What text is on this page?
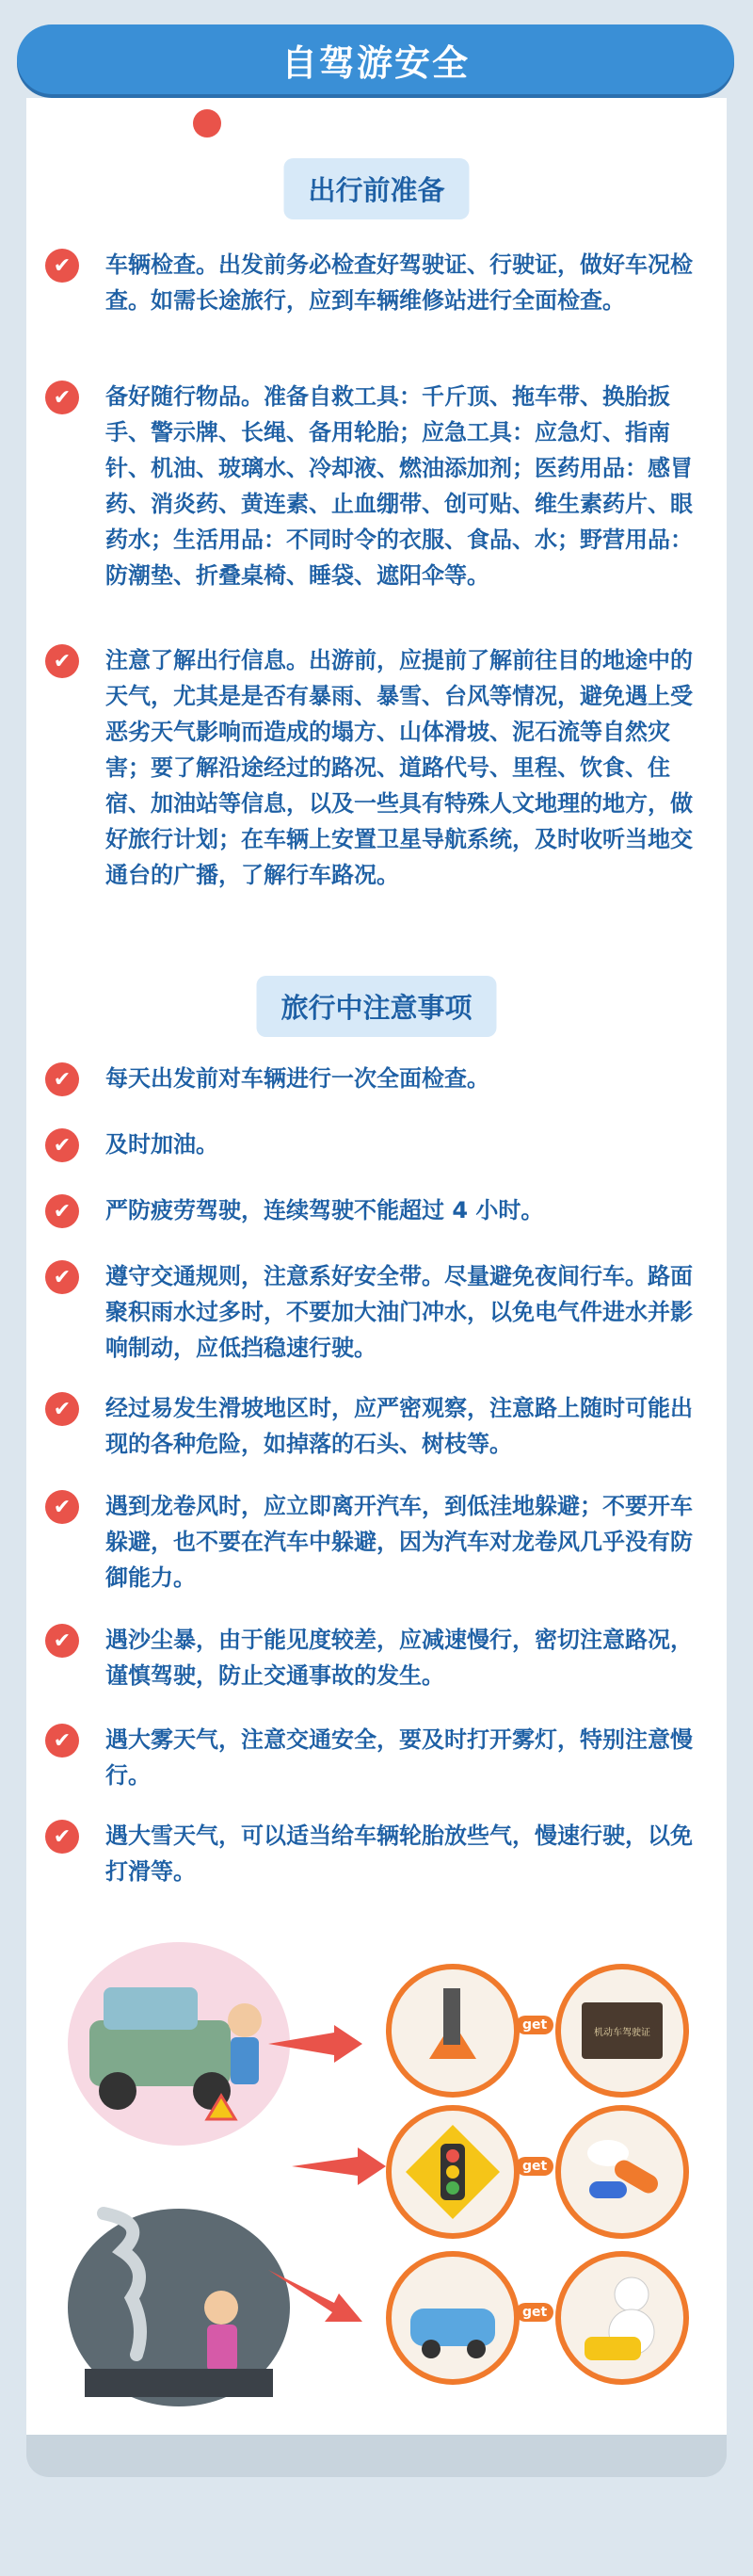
自驾游安全
出行前准备
✔	车辆检查。出发前务必检查好驾驶证、行驶证，做好车况检查。如需长途旅行，应到车辆维修站进行全面检查。
✔	备好随行物品。准备自救工具：千斤顶、拖车带、换胎扳手、警示牌、长绳、备用轮胎；应急工具：应急灯、指南针、机油、玻璃水、冷却液、燃油添加剂；医药用品：感冒药、消炎药、黄连素、止血绷带、创可贴、维生素药片、眼药水；生活用品：不同时令的衣服、食品、水；野营用品：防潮垫、折叠桌椅、睡袋、遮阳伞等。
✔	注意了解出行信息。出游前，应提前了解前往目的地途中的天气，尤其是是否有暴雨、暴雪、台风等情况，避免遇上受恶劣天气影响而造成的塌方、山体滑坡、泥石流等自然灾害；要了解沿途经过的路况、道路代号、里程、饮食、住宿、加油站等信息，以及一些具有特殊人文地理的地方，做好旅行计划；在车辆上安置卫星导航系统，及时收听当地交通台的广播，了解行车路况。
旅行中注意事项
✔	每天出发前对车辆进行一次全面检查。
✔	及时加油。
✔	严防疲劳驾驶，连续驾驶不能超过 4 小时。
✔	遵守交通规则，注意系好安全带。尽量避免夜间行车。路面聚积雨水过多时，不要加大油门冲水，以免电气件进水并影响制动，应低挡稳速行驶。
✔	经过易发生滑坡地区时，应严密观察，注意路上随时可能出现的各种危险，如掉落的石头、树枝等。
✔	遇到龙卷风时，应立即离开汽车，到低洼地躲避；不要开车躲避，也不要在汽车中躲避，因为汽车对龙卷风几乎没有防御能力。
✔	遇沙尘暴，由于能见度较差，应减速慢行，密切注意路况，谨慎驾驶，防止交通事故的发生。
✔	遇大雾天气，注意交通安全，要及时打开雾灯，特别注意慢行。
✔	遇大雪天气，可以适当给车辆轮胎放些气，慢速行驶，以免打滑等。
get	机动车驾驶证
get
get
